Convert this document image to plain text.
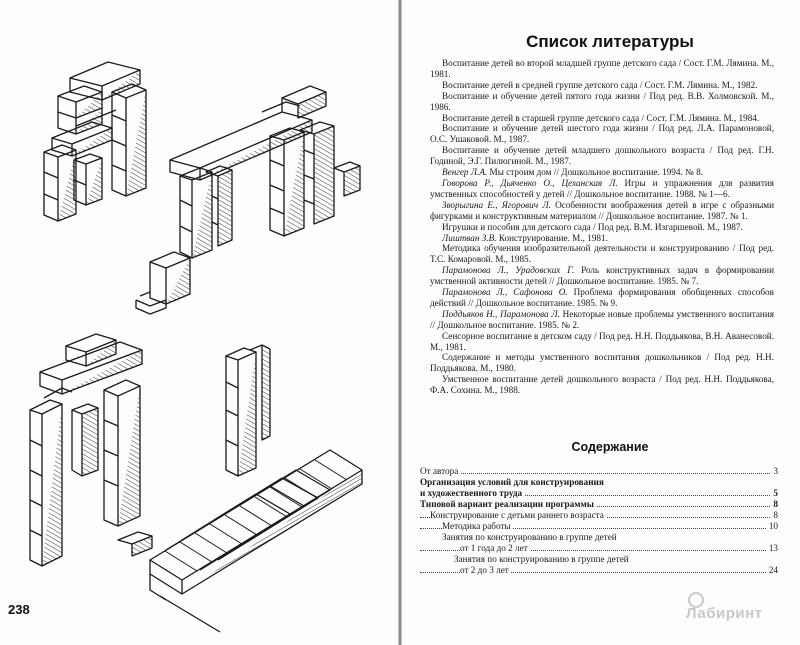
238
Список литературы

Воспитание детей во второй младшей группе детского сада / Сост. Г.М. Лямина. М., 1981.

Воспитание детей в средней группе детского сада / Сост. Г.М. Лямина. М., 1982.

Воспитание и обучение детей пятого года жизни / Под ред. В.В. Холмовской. М., 1986.

Воспитание детей в старшей группе детского сада / Сост. Г.М. Лямина. М., 1984.

Воспитание и обучение детей шестого года жизни / Под ред. Л.А. Парамоновой, О.С. Ушаковой. М., 1987.

Воспитание и обучение детей младшего дошкольного возраста / Под ред. Г.Н. Годиной, Э.Г. Пилюгиной. М., 1987.

Венгер Л.А. Мы строим дом // Дошкольное воспитание. 1994. № 8.

Говорова Р., Дьяченко О., Цеханская Л. Игры и упражнения для развития умственных способностей у детей // Дошкольное воспитание. 1988. № 1—6.

Зворыгина Е., Ягорович Л. Особенности воображения детей в игре с образными фигурками и конструктивным материалом // Дошкольное воспитание. 1987. № 1.

Игрушки и пособия для детского сада / Под ред. В.М. Изгаршевой. М., 1987.

Лиштван З.В. Конструирование. М., 1981.

Методика обучения изобразительной деятельности и конструированию / Под ред. Т.С. Комаровой. М., 1985.

Парамонова Л., Урадовских Г. Роль конструктивных задач в формировании умственной активности детей // Дошкольное воспитание. 1985. № 7.

Парамонова Л., Сафонова О. Проблема формирования обобщенных способов действий // Дошкольное воспитание. 1985. № 9.

Поддьяков Н., Парамонова Л. Некоторые новые проблемы умственного воспитания // Дошкольное воспитание. 1985. № 2.

Сенсорное воспитание в детском саду / Под ред. Н.Н. Поддьякова, В.Н. Аванесовой. М., 1981.

Содержание и методы умственного воспитания дошкольников / Под ред. Н.Н. Поддьякова. М., 1980.

Умственное воспитание детей дошкольного возраста / Под ред. Н.Н. Поддьякова, Ф.А. Сохина. М., 1988.

Содержание
От автора	3
Организация условий для конструирования
и художественного труда	5
Типовой вариант реализации программы	8
Конструирование с детьми раннего возраста	8
Методика работы	10
Занятия по конструированию в группе детей
от 1 года до 2 лет	13
Занятия по конструированию в группе детей
от 2 до 3 лет	24
Лабиринт
